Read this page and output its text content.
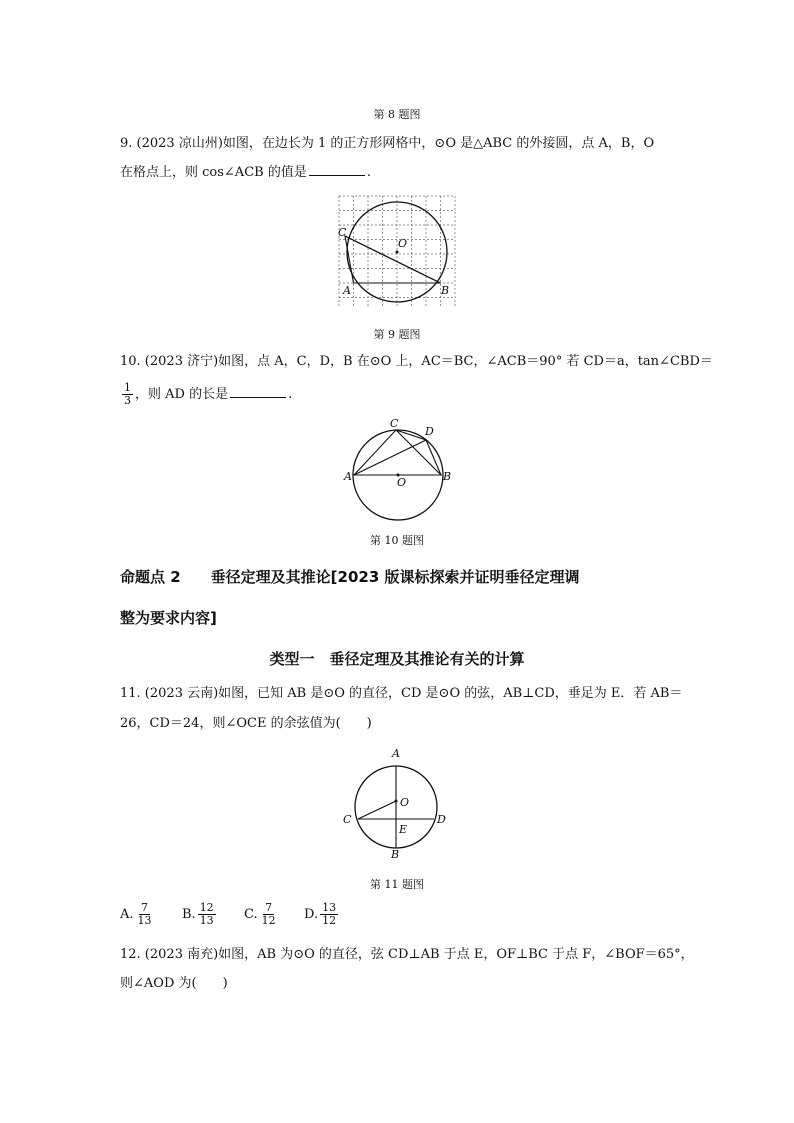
第 8 题图
9. (2023 凉山州)如图，在边长为 1 的正方形网格中，⊙O 是△ABC 的外接圆，点 A，B，O
在格点上，则 cos∠ACB 的值是	.
C
O
A	B
第 9 题图
10. (2023 济宁)如图，点 A，C，D，B 在⊙O 上，AC＝BC，∠ACB＝90° 若 CD＝a，tan∠CBD＝
$\frac{1}{3}$ ，则 AD 的长是	.
C
D
A	B
O
第 10 题图
命题点 2　　垂径定理及其推论[2023 版课标探索并证明垂径定理调
整为要求内容]
类型一　垂径定理及其推论有关的计算
11. (2023 云南)如图，已知 AB 是⊙O 的直径，CD 是⊙O 的弦，AB⊥CD，垂足为 E．若 AB＝
26，CD＝24，则∠OCE 的余弦值为(　　)
A
O
C	D
E
B
第 11 题图
A. $\frac{7}{13} B$. $\frac{12}{13} C$. $\frac{7}{12} D$. $\frac{13}{12}$
12. (2023 南充)如图，AB 为⊙O 的直径，弦 CD⊥AB 于点 E，OF⊥BC 于点 F，∠BOF＝65°，
则∠AOD 为(　　)
